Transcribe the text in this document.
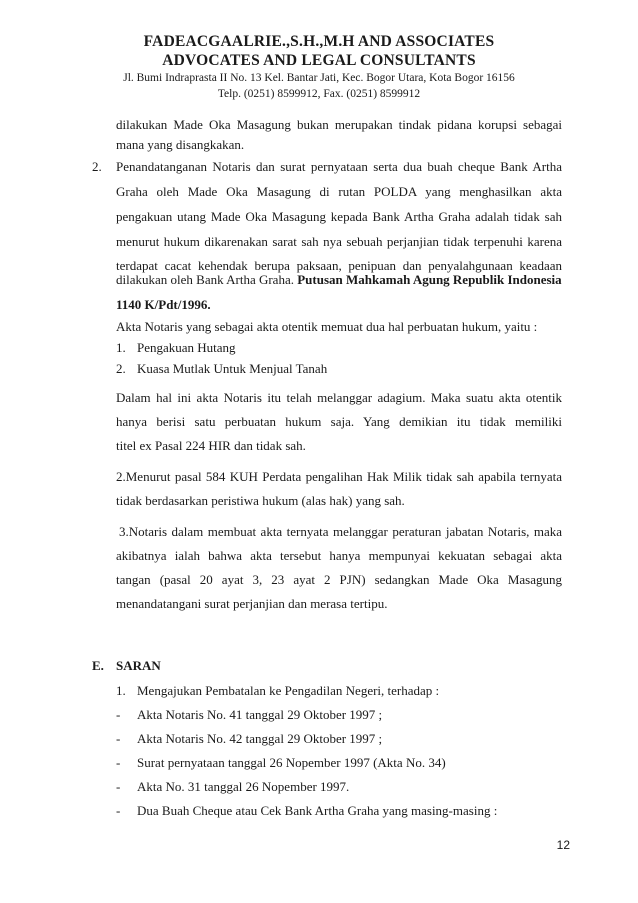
FADEACGAALRIE.,S.H.,M.H AND ASSOCIATES
ADVOCATES AND LEGAL CONSULTANTS
Jl. Bumi Indraprasta II No. 13 Kel. Bantar Jati, Kec. Bogor Utara, Kota Bogor 16156
Telp. (0251) 8599912, Fax. (0251) 8599912
dilakukan Made Oka Masagung bukan merupakan tindak pidana korupsi sebagai
mana yang disangkakan.
2. Penandatanganan Notaris dan surat pernyataan serta dua buah cheque Bank Artha
Graha oleh Made Oka Masagung di rutan POLDA yang menghasilkan akta
pengakuan utang Made Oka Masagung kepada Bank Artha Graha adalah tidak sah
menurut hukum dikarenakan sarat sah nya sebuah perjanjian tidak terpenuhi karena
terdapat cacat kehendak berupa paksaan, penipuan dan penyalahgunaan keadaan
dilakukan oleh Bank Artha Graha. Putusan Mahkamah Agung Republik Indonesia
1140 K/Pdt/1996.
Akta Notaris yang sebagai akta otentik memuat dua hal perbuatan hukum, yaitu :
1. Pengakuan Hutang
2. Kuasa Mutlak Untuk Menjual Tanah
Dalam hal ini akta Notaris itu telah melanggar adagium. Maka suatu akta otentik
hanya berisi satu perbuatan hukum saja. Yang demikian itu tidak memiliki
titel ex Pasal 224 HIR dan tidak sah.
2.Menurut pasal 584 KUH Perdata pengalihan Hak Milik tidak sah apabila ternyata
tidak berdasarkan peristiwa hukum (alas hak) yang sah.
3.Notaris dalam membuat akta ternyata melanggar peraturan jabatan Notaris, maka
akibatnya ialah bahwa akta tersebut hanya mempunyai kekuatan sebagai akta
tangan (pasal 20 ayat 3, 23 ayat 2 PJN) sedangkan Made Oka Masagung
menandatangani surat perjanjian dan merasa tertipu.
E. SARAN
1. Mengajukan Pembatalan ke Pengadilan Negeri, terhadap :
- Akta Notaris No. 41 tanggal 29 Oktober 1997 ;
- Akta Notaris No. 42 tanggal 29 Oktober 1997 ;
- Surat pernyataan tanggal 26 Nopember 1997 (Akta No. 34)
- Akta No. 31 tanggal 26 Nopember 1997.
- Dua Buah Cheque atau Cek Bank Artha Graha yang masing-masing :
12
